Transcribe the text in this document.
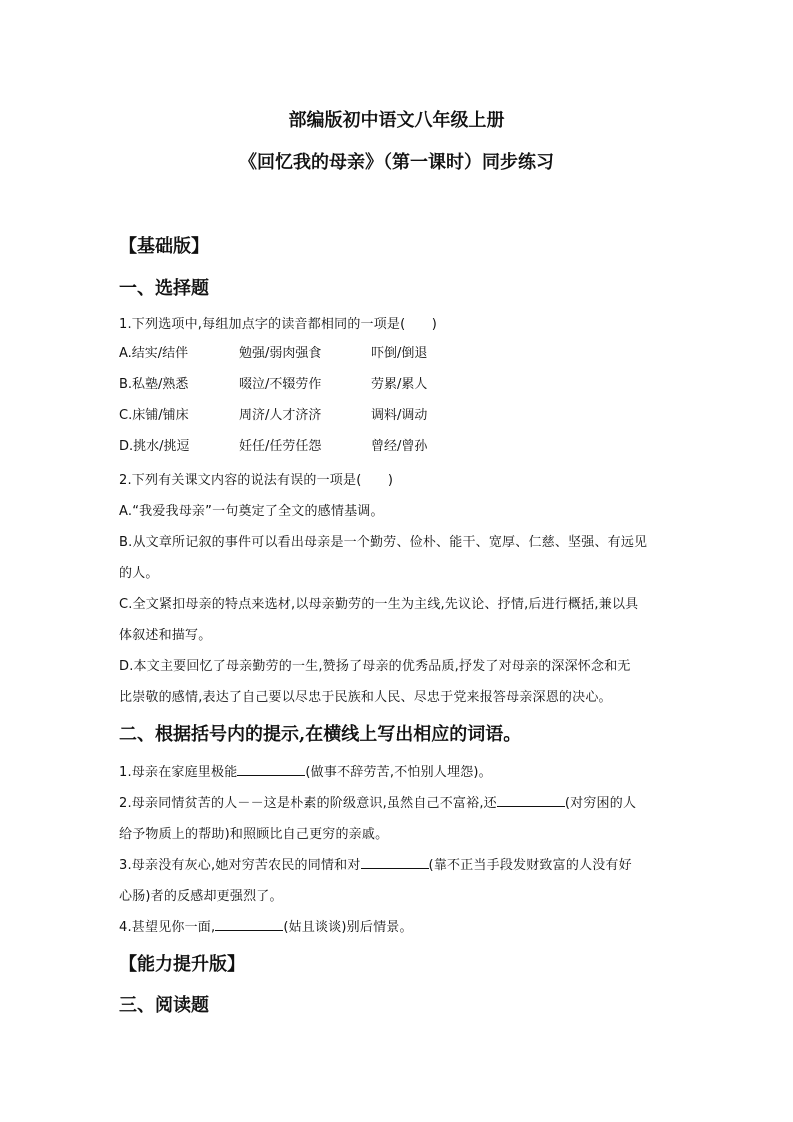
部编版初中语文八年级上册
《回忆我的母亲》（第一课时）同步练习
【基础版】
一、选择题
1.下列选项中,每组加点字的读音都相同的一项是(　　)
A.结实/结伴	勉强/弱肉强食	吓倒/倒退
B.私塾/熟悉	啜泣/不辍劳作	劳累/累人
C.床铺/铺床	周济/人才济济	调料/调动
D.挑水/挑逗	妊任/任劳任怨	曾经/曾孙
2.下列有关课文内容的说法有误的一项是(　　)
A.“我爱我母亲”一句奠定了全文的感情基调。
B.从文章所记叙的事件可以看出母亲是一个勤劳、俭朴、能干、宽厚、仁慈、坚强、有远见
的人。
C.全文紧扣母亲的特点来选材,以母亲勤劳的一生为主线,先议论、抒情,后进行概括,兼以具
体叙述和描写。
D.本文主要回忆了母亲勤劳的一生,赞扬了母亲的优秀品质,抒发了对母亲的深深怀念和无
比崇敬的感情,表达了自己要以尽忠于民族和人民、尽忠于党来报答母亲深恩的决心。
二、根据括号内的提示,在横线上写出相应的词语。
1.母亲在家庭里极能	(做事不辞劳苦,不怕别人埋怨)。
2.母亲同情贫苦的人－－这是朴素的阶级意识,虽然自己不富裕,还	(对穷困的人
给予物质上的帮助)和照顾比自己更穷的亲戚。
3.母亲没有灰心,她对穷苦农民的同情和对	(靠不正当手段发财致富的人没有好
心肠)者的反感却更强烈了。
4.甚望见你一面,	(姑且谈谈)别后情景。
【能力提升版】
三、阅读题
